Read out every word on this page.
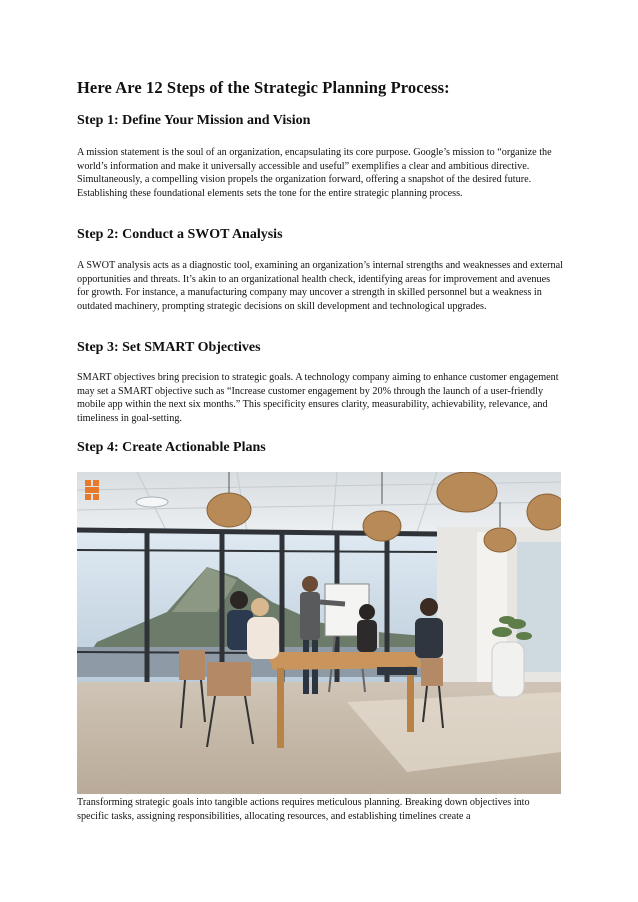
Here Are 12 Steps of the Strategic Planning Process:
Step 1: Define Your Mission and Vision

A mission statement is the soul of an organization, encapsulating its core purpose. Google’s mission to “organize the world’s information and make it universally accessible and useful” exemplifies a clear and ambitious directive. Simultaneously, a compelling vision propels the organization forward, offering a snapshot of the desired future. Establishing these foundational elements sets the tone for the entire strategic planning process.

Step 2: Conduct a SWOT Analysis

A SWOT analysis acts as a diagnostic tool, examining an organization’s internal strengths and weaknesses and external opportunities and threats. It’s akin to an organizational health check, identifying areas for improvement and avenues for growth. For instance, a manufacturing company may uncover a strength in skilled personnel but a weakness in outdated machinery, prompting strategic decisions on skill development and technological upgrades.

Step 3: Set SMART Objectives

SMART objectives bring precision to strategic goals. A technology company aiming to enhance customer engagement may set a SMART objective such as “Increase customer engagement by 20% through the launch of a user-friendly mobile app within the next six months.” This specificity ensures clarity, measurability, achievability, relevance, and timeliness in goal-setting.

Step 4: Create Actionable Plans

Transforming strategic goals into tangible actions requires meticulous planning. Breaking down objectives into specific tasks, assigning responsibilities, allocating resources, and establishing timelines create a
